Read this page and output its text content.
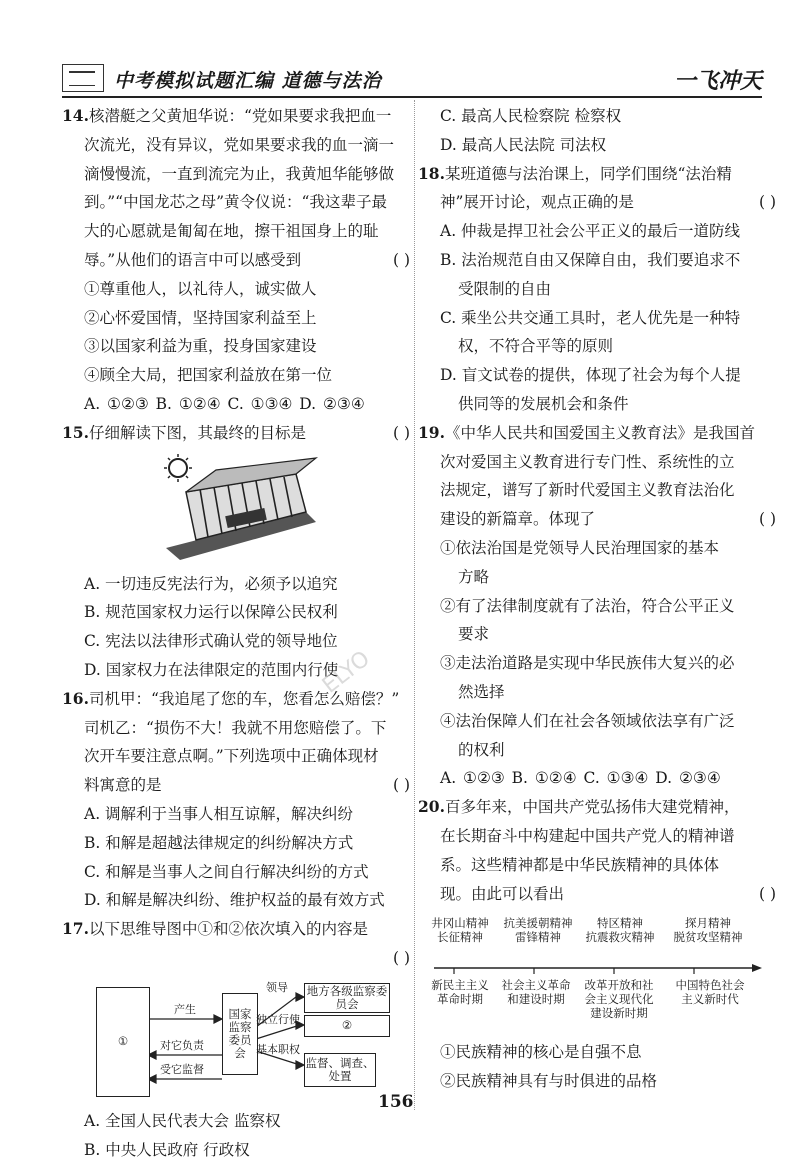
中考模拟试题汇编 道德与法治	一飞冲天

14.核潜艇之父黄旭华说：“党如果要求我把血一

次流光，没有异议，党如果要求我的血一滴一

滴慢慢流，一直到流完为止，我黄旭华能够做

到。”“中国龙芯之母”黄令仪说：“我这辈子最

大的心愿就是匍匐在地，擦干祖国身上的耻

辱。”从他们的语言中可以感受到	( )

①尊重他人，以礼待人，诚实做人

②心怀爱国情，坚持国家利益至上

③以国家利益为重，投身国家建设

④顾全大局，把国家利益放在第一位

A. ①②③ B. ①②④ C. ①③④ D. ②③④

15.仔细解读下图，其最终的目标是	( )

A. 一切违反宪法行为，必须予以追究

B. 规范国家权力运行以保障公民权利

C. 宪法以法律形式确认党的领导地位

D. 国家权力在法律限定的范围内行使

16.司机甲：“我追尾了您的车，您看怎么赔偿？”

司机乙：“损伤不大！我就不用您赔偿了。下

次开车要注意点啊。”下列选项中正确体现材

料寓意的是	( )

A. 调解利于当事人相互谅解，解决纠纷

B. 和解是超越法律规定的纠纷解决方式

C. 和解是当事人之间自行解决纠纷的方式

D. 和解是解决纠纷、维护权益的最有效方式

17.以下思维导图中①和②依次填入的内容是

( )

①
国家监察委员会
产生
对它负责
受它监督
领导
独立行使
基本职权
地方各级监察委员会
②
监督、调查、处置

A. 全国人民代表大会 监察权

B. 中央人民政府 行政权

C. 最高人民检察院 检察权

D. 最高人民法院 司法权

18.某班道德与法治课上，同学们围绕“法治精

神”展开讨论，观点正确的是	( )

A. 仲裁是捍卫社会公平正义的最后一道防线

B. 法治规范自由又保障自由，我们要追求不

受限制的自由

C. 乘坐公共交通工具时，老人优先是一种特

权，不符合平等的原则

D. 盲文试卷的提供，体现了社会为每个人提

供同等的发展机会和条件

19.《中华人民共和国爱国主义教育法》是我国首

次对爱国主义教育进行专门性、系统性的立

法规定，谱写了新时代爱国主义教育法治化

建设的新篇章。体现了	( )

①依法治国是党领导人民治理国家的基本

方略

②有了法律制度就有了法治，符合公平正义

要求

③走法治道路是实现中华民族伟大复兴的必

然选择

④法治保障人们在社会各领域依法享有广泛

的权利

A. ①②③ B. ①②④ C. ①③④ D. ②③④

20.百多年来，中国共产党弘扬伟大建党精神，

在长期奋斗中构建起中国共产党人的精神谱

系。这些精神都是中华民族精神的具体体

现。由此可以看出	( )

井冈山精神
长征精神
抗美援朝精神
雷锋精神
特区精神
抗震救灾精神
探月精神
脱贫攻坚精神
新民主主义
革命时期
社会主义革命
和建设时期
改革开放和社
会主义现代化
建设新时期
中国特色社会
主义新时代

①民族精神的核心是自强不息

②民族精神具有与时俱进的品格

ELYO
156
